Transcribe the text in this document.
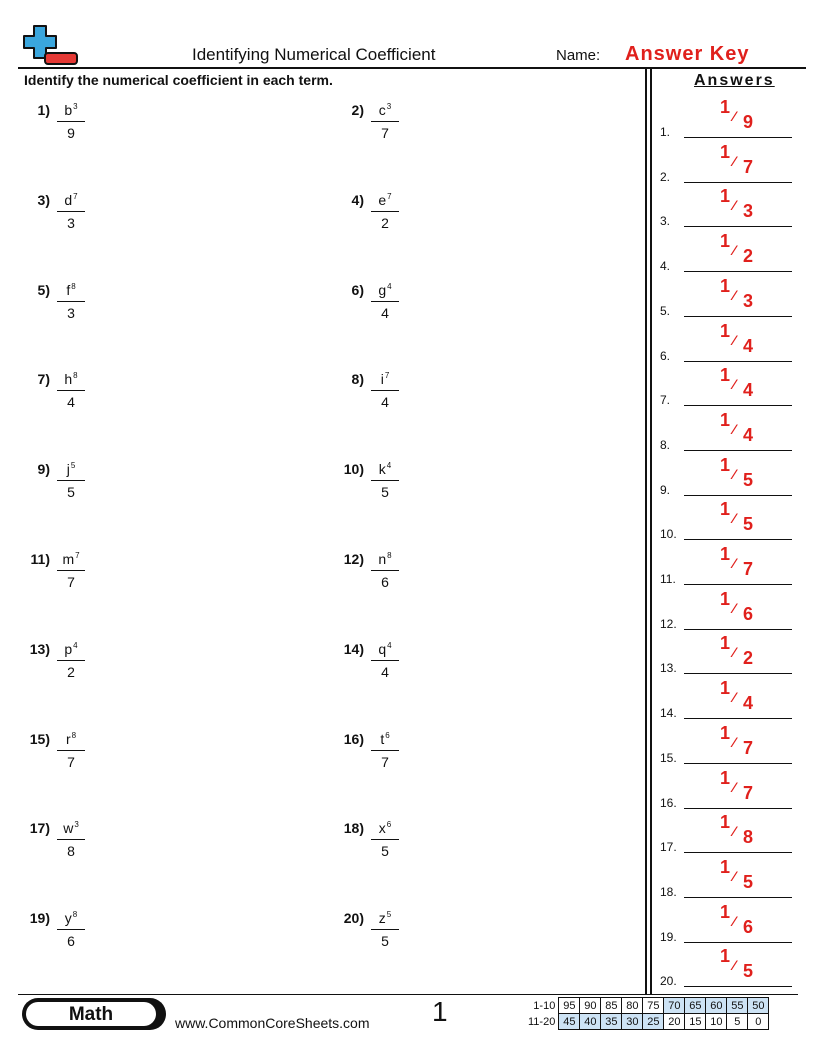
Identifying Numerical Coefficient	Name: Answer Key
Identify the numerical coefficient in each term.	Answers
$1) \frac{b^3}{9}$	$2) \frac{c^3}{7}$
$3) \frac{d^7}{3}$	$4) \frac{e^7}{2}$
$5) \frac{f^8}{3}$	$6) \frac{g^4}{4}$
$7) \frac{h^8}{4}$	$8) \frac{i^7}{4}$
$9) \frac{j^5}{5}$	$10) \frac{k^4}{5}$
$11) \frac{m^7}{7}$	$12) \frac{n^8}{6}$
$13) \frac{p^4}{2}$	$14) \frac{q^4}{4}$
$15) \frac{r^8}{7}$	$16) \frac{t^6}{7}$
$17) \frac{w^3}{8}$	$18) \frac{x^6}{5}$
$19) \frac{y^8}{6}$	$20) \frac{z^5}{5}$
1.
1 ⁄ 9
2.
1 ⁄ 7
3.
1 ⁄ 3
4.
1 ⁄ 2
5.
1 ⁄ 3
6.
1 ⁄ 4
7.
1 ⁄ 4
8.
1 ⁄ 4
9.
1 ⁄ 5
10.
1 ⁄ 5
11.
1 ⁄ 7
12.
1 ⁄ 6
13.
1 ⁄ 2
14.
1 ⁄ 4
15.
1 ⁄ 7
16.
1 ⁄ 7
17.
1 ⁄ 8
18.
1 ⁄ 5
19.
1 ⁄ 6
20.
1 ⁄ 5
Math	www.CommonCoreSheets.com 1	1-10	95	90	85	80	75	70	65	60	55	50
11-20	45	40	35	30	25	20	15	10	5	0
